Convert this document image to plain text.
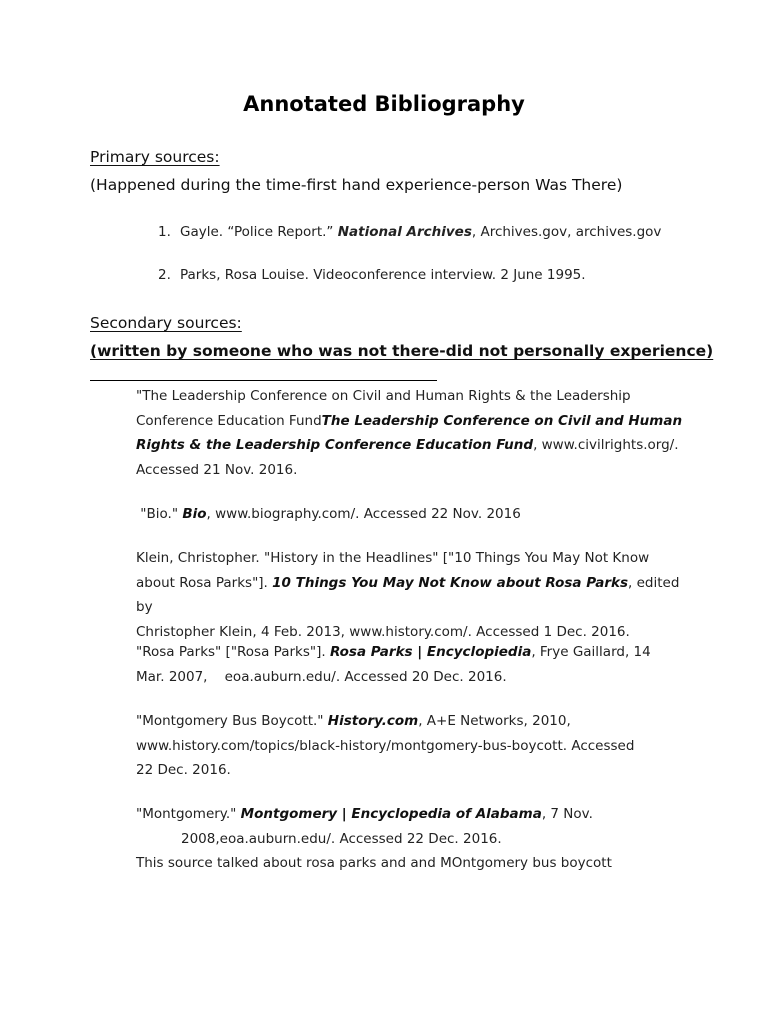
Annotated Bibliography
Primary sources:
(Happened during the time-first hand experience-person Was There)
1. Gayle. “Police Report.” National Archives, Archives.gov, archives.gov
2. Parks, Rosa Louise. Videoconference interview. 2 June 1995.
Secondary sources:
(written by someone who was not there-did not personally experience)
"The Leadership Conference on Civil and Human Rights & the Leadership
Conference Education FundThe Leadership Conference on Civil and Human
Rights & the Leadership Conference Education Fund, www.civilrights.org/.
Accessed 21 Nov. 2016.
"Bio." Bio, www.biography.com/. Accessed 22 Nov. 2016
Klein, Christopher. "History in the Headlines" ["10 Things You May Not Know
about Rosa Parks"]. 10 Things You May Not Know about Rosa Parks, edited by
Christopher Klein, 4 Feb. 2013, www.history.com/. Accessed 1 Dec. 2016.
"Rosa Parks" ["Rosa Parks"]. Rosa Parks | Encyclopiedia, Frye Gaillard, 14
Mar. 2007,    eoa.auburn.edu/. Accessed 20 Dec. 2016.
"Montgomery Bus Boycott." History.com, A+E Networks, 2010,
www.history.com/topics/black-history/montgomery-bus-boycott. Accessed
22 Dec. 2016.
"Montgomery." Montgomery | Encyclopedia of Alabama, 7 Nov.
2008,eoa.auburn.edu/. Accessed 22 Dec. 2016.
This source talked about rosa parks and and MOntgomery bus boycott
